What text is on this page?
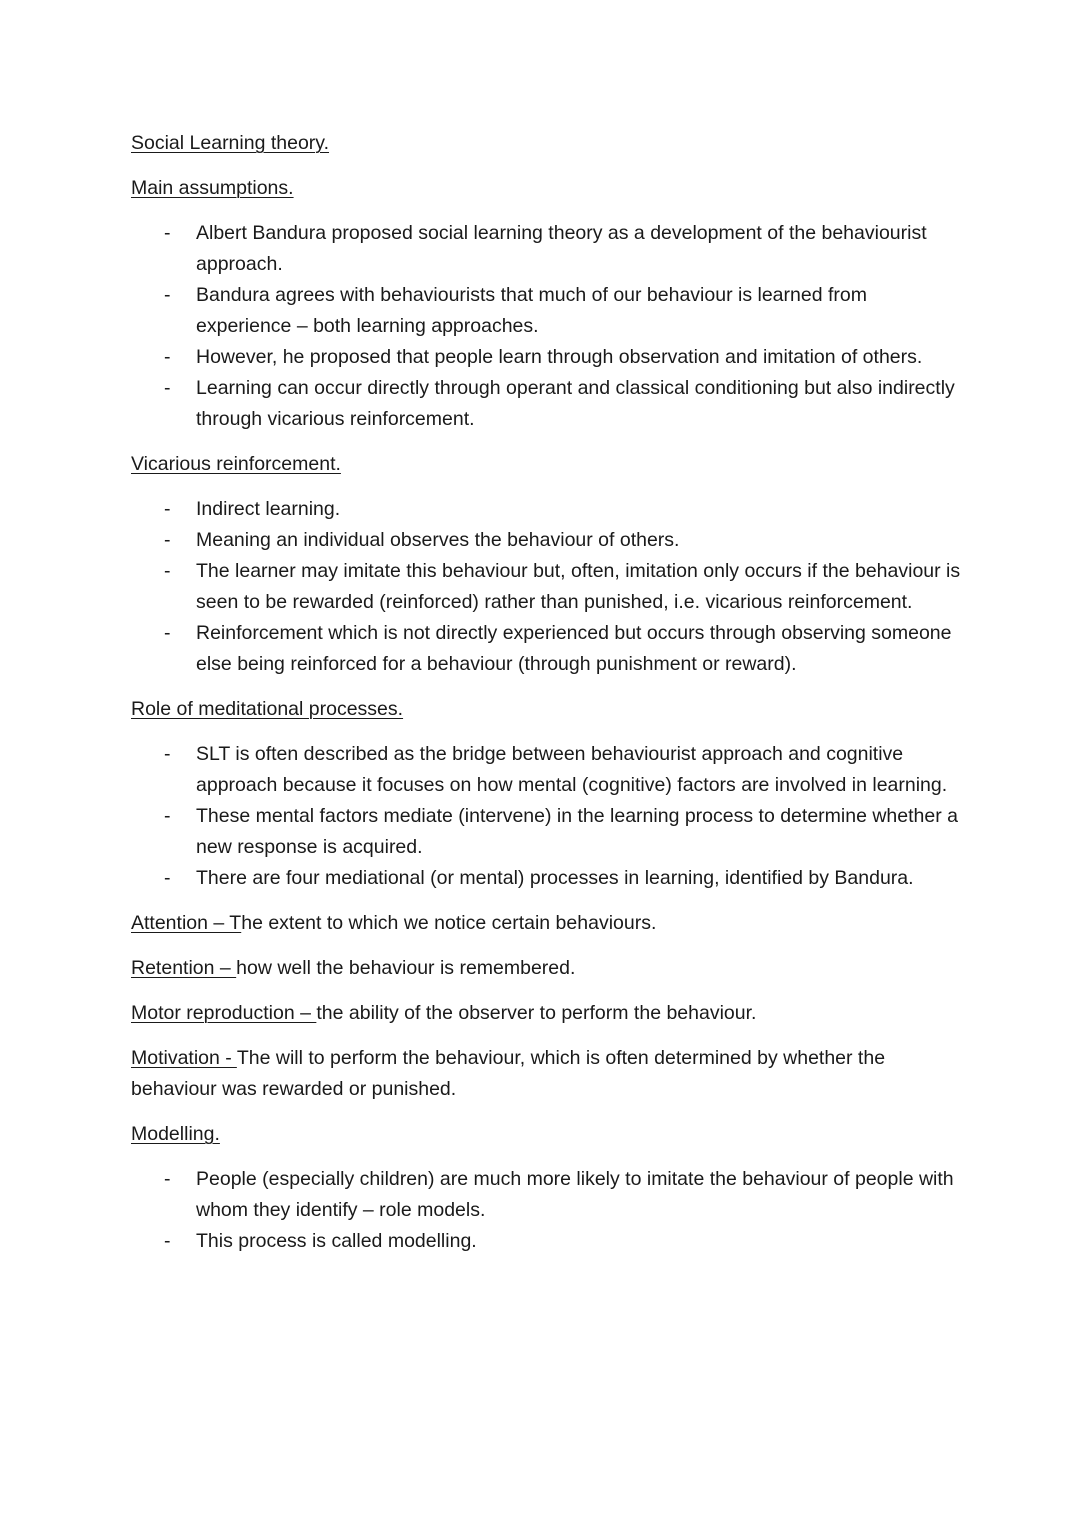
Social Learning theory.

Main assumptions.

- Albert Bandura proposed social learning theory as a development of the behaviourist approach.
- Bandura agrees with behaviourists that much of our behaviour is learned from experience – both learning approaches.
- However, he proposed that people learn through observation and imitation of others.
- Learning can occur directly through operant and classical conditioning but also indirectly through vicarious reinforcement.

Vicarious reinforcement.

- Indirect learning.
- Meaning an individual observes the behaviour of others.
- The learner may imitate this behaviour but, often, imitation only occurs if the behaviour is seen to be rewarded (reinforced) rather than punished, i.e. vicarious reinforcement.
- Reinforcement which is not directly experienced but occurs through observing someone else being reinforced for a behaviour (through punishment or reward).

Role of meditational processes.

- SLT is often described as the bridge between behaviourist approach and cognitive approach because it focuses on how mental (cognitive) factors are involved in learning.
- These mental factors mediate (intervene) in the learning process to determine whether a new response is acquired.
- There are four mediational (or mental) processes in learning, identified by Bandura.

Attention – The extent to which we notice certain behaviours.

Retention – how well the behaviour is remembered.

Motor reproduction – the ability of the observer to perform the behaviour.

Motivation - The will to perform the behaviour, which is often determined by whether the behaviour was rewarded or punished.

Modelling.

- People (especially children) are much more likely to imitate the behaviour of people with whom they identify – role models.
- This process is called modelling.
